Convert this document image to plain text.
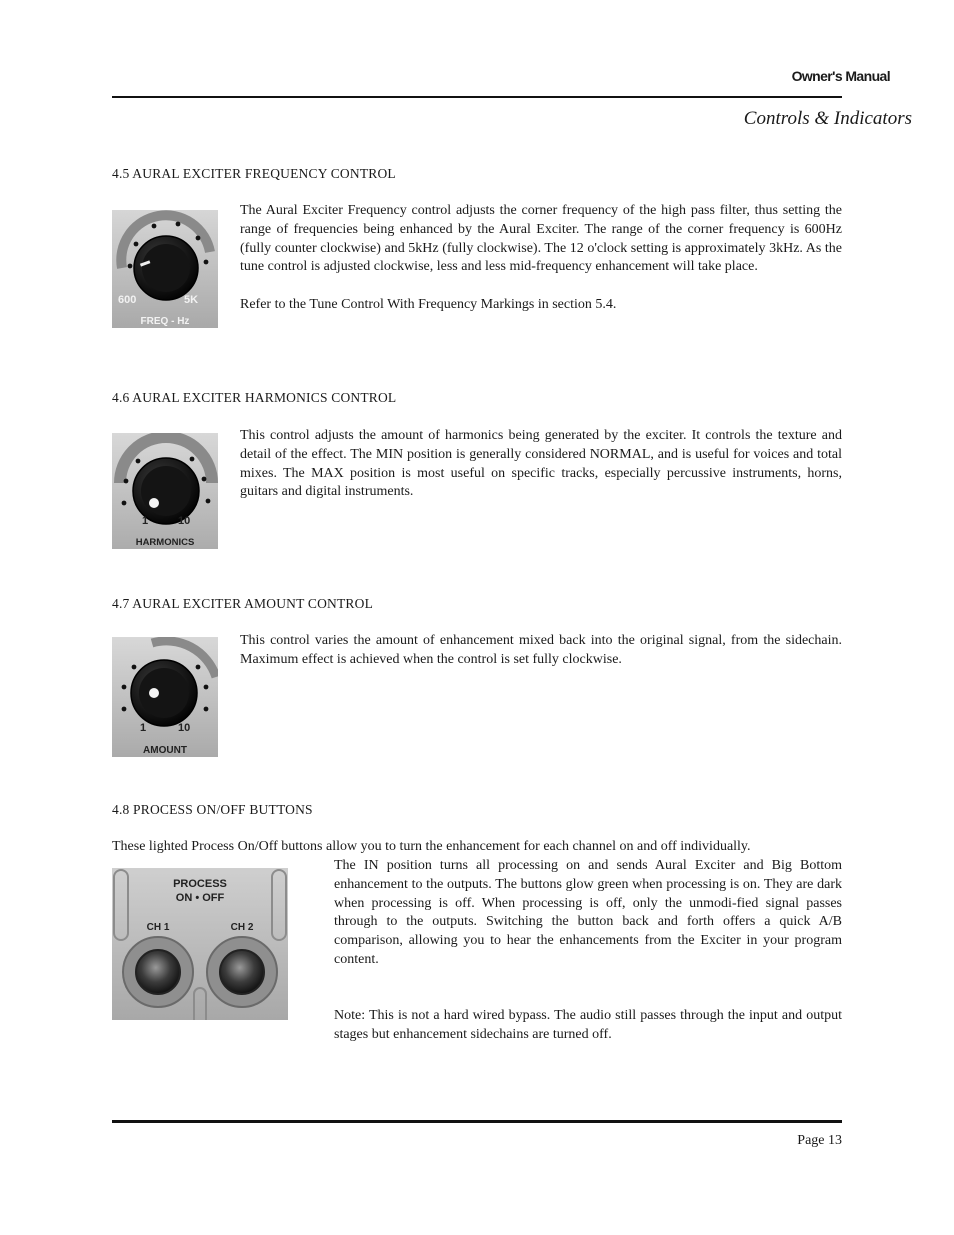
Owner's Manual
Controls & Indicators
4.5 AURAL EXCITER FREQUENCY CONTROL
600	5K
FREQ - Hz

The Aural Exciter Frequency control adjusts the corner frequency of the high pass filter, thus setting the range of frequencies being enhanced by the Aural Exciter. The range of the corner frequency is 600Hz (fully counter clockwise) and 5kHz (fully clockwise). The 12 o'clock setting is approximately 3kHz. As the tune control is adjusted clockwise, less and less mid-frequency enhancement will take place.

Refer to the Tune Control With Frequency Markings in section 5.4.

4.6 AURAL EXCITER HARMONICS CONTROL
1	10
HARMONICS

This control adjusts the amount of harmonics being generated by the exciter. It controls the texture and detail of the effect. The MIN position is generally considered NORMAL, and is useful for voices and total mixes. The MAX position is most useful on specific tracks, especially percussive instruments, horns, guitars and digital instruments.

4.7 AURAL EXCITER AMOUNT CONTROL
1	10
AMOUNT

This control varies the amount of enhancement mixed back into the original signal, from the sidechain. Maximum effect is achieved when the control is set fully clockwise.

4.8 PROCESS ON/OFF BUTTONS

These lighted Process On/Off buttons allow you to turn the enhancement for each channel on and off individually.

PROCESS
ON • OFF
CH 1	CH 2

The IN position turns all processing on and sends Aural Exciter and Big Bottom enhancement to the outputs. The buttons glow green when processing is on. They are dark when processing is off. When processing is off, only the unmodi-fied signal passes through to the outputs. Switching the button back and forth offers a quick A/B comparison, allowing you to hear the enhancements from the Exciter in your program content.

Note: This is not a hard wired bypass. The audio still passes through the input and output stages but enhancement sidechains are turned off.

Page 13
